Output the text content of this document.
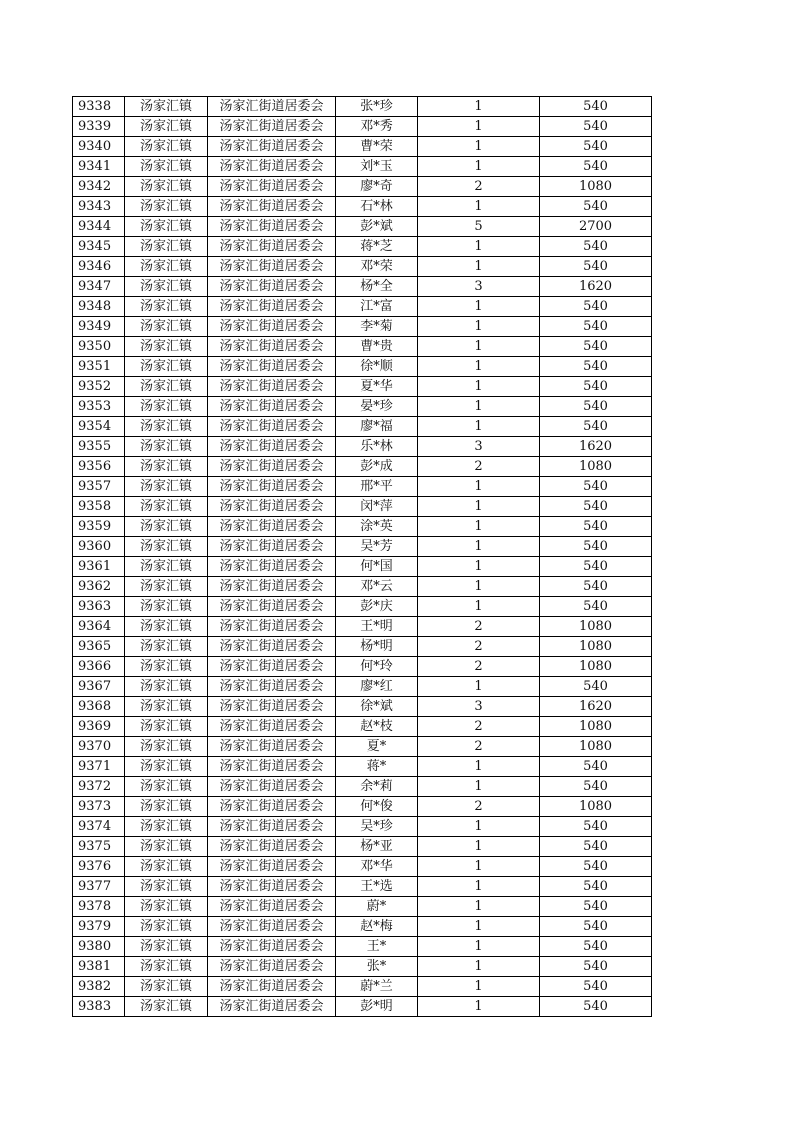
9338	汤家汇镇	汤家汇街道居委会	张*珍	1	540
9339	汤家汇镇	汤家汇街道居委会	邓*秀	1	540
9340	汤家汇镇	汤家汇街道居委会	曹*荣	1	540
9341	汤家汇镇	汤家汇街道居委会	刘*玉	1	540
9342	汤家汇镇	汤家汇街道居委会	廖*奇	2	1080
9343	汤家汇镇	汤家汇街道居委会	石*林	1	540
9344	汤家汇镇	汤家汇街道居委会	彭*斌	5	2700
9345	汤家汇镇	汤家汇街道居委会	蒋*芝	1	540
9346	汤家汇镇	汤家汇街道居委会	邓*荣	1	540
9347	汤家汇镇	汤家汇街道居委会	杨*全	3	1620
9348	汤家汇镇	汤家汇街道居委会	江*富	1	540
9349	汤家汇镇	汤家汇街道居委会	李*菊	1	540
9350	汤家汇镇	汤家汇街道居委会	曹*贵	1	540
9351	汤家汇镇	汤家汇街道居委会	徐*顺	1	540
9352	汤家汇镇	汤家汇街道居委会	夏*华	1	540
9353	汤家汇镇	汤家汇街道居委会	晏*珍	1	540
9354	汤家汇镇	汤家汇街道居委会	廖*福	1	540
9355	汤家汇镇	汤家汇街道居委会	乐*林	3	1620
9356	汤家汇镇	汤家汇街道居委会	彭*成	2	1080
9357	汤家汇镇	汤家汇街道居委会	邢*平	1	540
9358	汤家汇镇	汤家汇街道居委会	闵*萍	1	540
9359	汤家汇镇	汤家汇街道居委会	涂*英	1	540
9360	汤家汇镇	汤家汇街道居委会	吴*芳	1	540
9361	汤家汇镇	汤家汇街道居委会	何*国	1	540
9362	汤家汇镇	汤家汇街道居委会	邓*云	1	540
9363	汤家汇镇	汤家汇街道居委会	彭*庆	1	540
9364	汤家汇镇	汤家汇街道居委会	王*明	2	1080
9365	汤家汇镇	汤家汇街道居委会	杨*明	2	1080
9366	汤家汇镇	汤家汇街道居委会	何*玲	2	1080
9367	汤家汇镇	汤家汇街道居委会	廖*红	1	540
9368	汤家汇镇	汤家汇街道居委会	徐*斌	3	1620
9369	汤家汇镇	汤家汇街道居委会	赵*枝	2	1080
9370	汤家汇镇	汤家汇街道居委会	夏*	2	1080
9371	汤家汇镇	汤家汇街道居委会	蒋*	1	540
9372	汤家汇镇	汤家汇街道居委会	余*莉	1	540
9373	汤家汇镇	汤家汇街道居委会	何*俊	2	1080
9374	汤家汇镇	汤家汇街道居委会	吴*珍	1	540
9375	汤家汇镇	汤家汇街道居委会	杨*亚	1	540
9376	汤家汇镇	汤家汇街道居委会	邓*华	1	540
9377	汤家汇镇	汤家汇街道居委会	王*选	1	540
9378	汤家汇镇	汤家汇街道居委会	蔚*	1	540
9379	汤家汇镇	汤家汇街道居委会	赵*梅	1	540
9380	汤家汇镇	汤家汇街道居委会	王*	1	540
9381	汤家汇镇	汤家汇街道居委会	张*	1	540
9382	汤家汇镇	汤家汇街道居委会	蔚*兰	1	540
9383	汤家汇镇	汤家汇街道居委会	彭*明	1	540
